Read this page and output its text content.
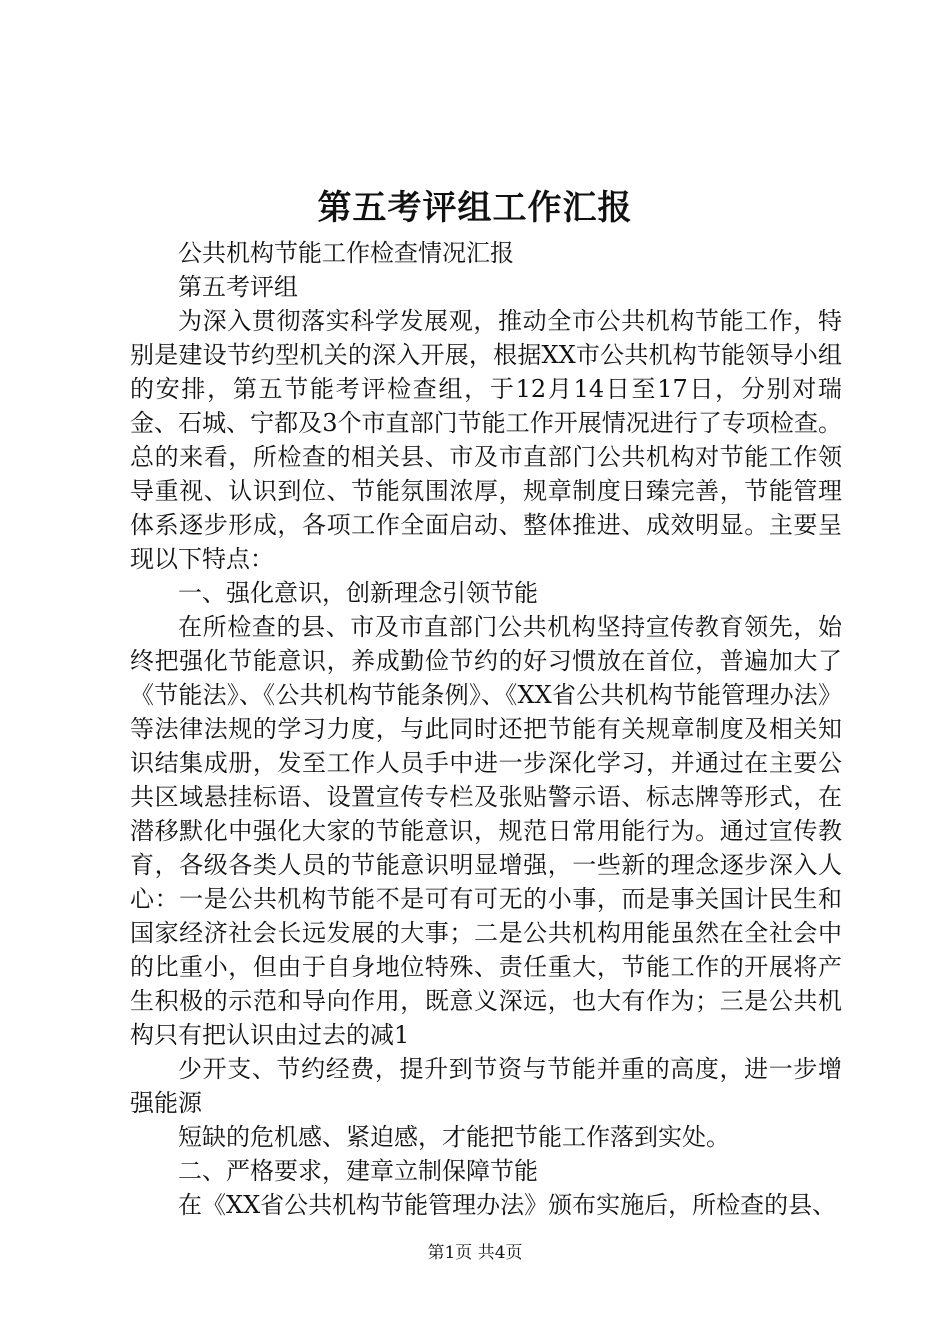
第五考评组工作汇报

公共机构节能工作检查情况汇报

第五考评组

为深入贯彻落实科学发展观，推动全市公共机构节能工作，特别是建设节约型机关的深入开展，根据XX市公共机构节能领导小组的安排，第五节能考评检查组，于12月14日至17日，分别对瑞金、石城、宁都及3个市直部门节能工作开展情况进行了专项检查。总的来看，所检查的相关县、市及市直部门公共机构对节能工作领导重视、认识到位、节能氛围浓厚，规章制度日臻完善，节能管理体系逐步形成，各项工作全面启动、整体推进、成效明显。主要呈现以下特点：

一、强化意识，创新理念引领节能

在所检查的县、市及市直部门公共机构坚持宣传教育领先，始终把强化节能意识，养成勤俭节约的好习惯放在首位，普遍加大了《节能法》、《公共机构节能条例》、《XX省公共机构节能管理办法》等法律法规的学习力度，与此同时还把节能有关规章制度及相关知识结集成册，发至工作人员手中进一步深化学习，并通过在主要公共区域悬挂标语、设置宣传专栏及张贴警示语、标志牌等形式，在潜移默化中强化大家的节能意识，规范日常用能行为。通过宣传教育，各级各类人员的节能意识明显增强，一些新的理念逐步深入人心：一是公共机构节能不是可有可无的小事，而是事关国计民生和国家经济社会长远发展的大事；二是公共机构用能虽然在全社会中的比重小，但由于自身地位特殊、责任重大，节能工作的开展将产生积极的示范和导向作用，既意义深远，也大有作为；三是公共机构只有把认识由过去的减1

少开支、节约经费，提升到节资与节能并重的高度，进一步增强能源

短缺的危机感、紧迫感，才能把节能工作落到实处。

二、严格要求，建章立制保障节能

在《XX省公共机构节能管理办法》颁布实施后，所检查的县、

第1页 共4页
